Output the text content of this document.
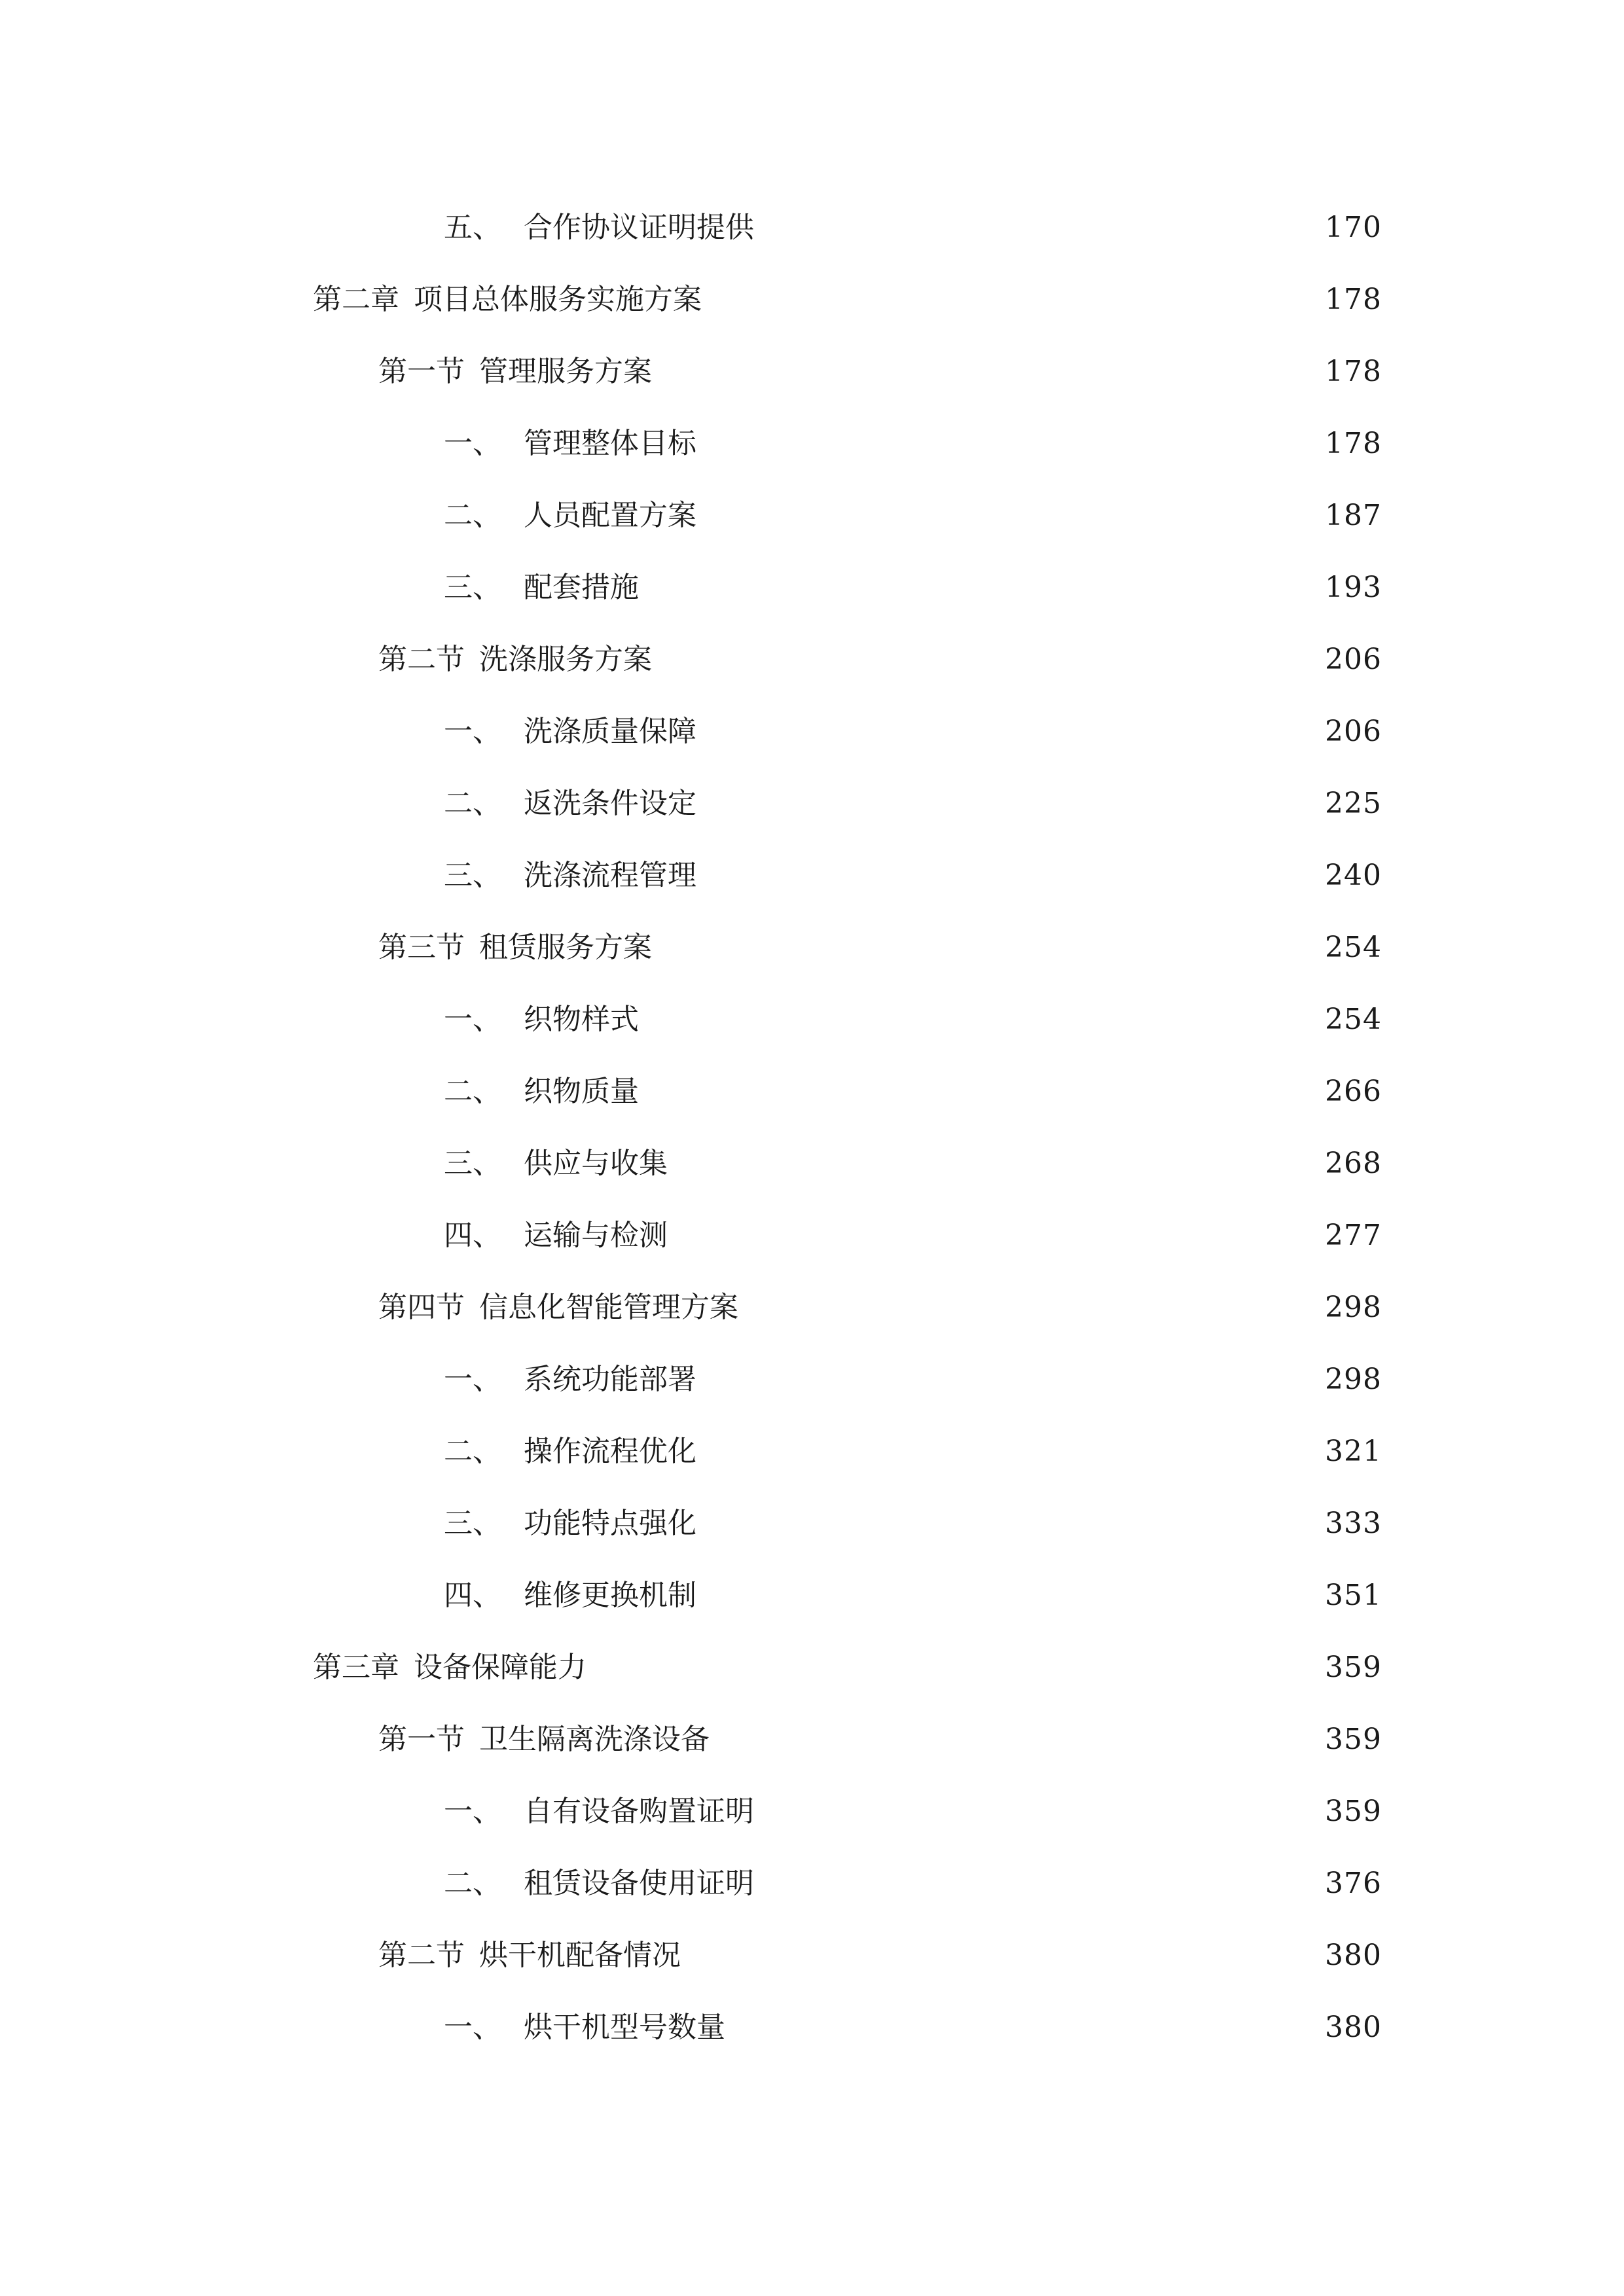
五、 合作协议证明提供	170
第二章 项目总体服务实施方案	178
第一节 管理服务方案	178
一、 管理整体目标	178
二、 人员配置方案	187
三、 配套措施	193
第二节 洗涤服务方案	206
一、 洗涤质量保障	206
二、 返洗条件设定	225
三、 洗涤流程管理	240
第三节 租赁服务方案	254
一、 织物样式	254
二、 织物质量	266
三、 供应与收集	268
四、 运输与检测	277
第四节 信息化智能管理方案	298
一、 系统功能部署	298
二、 操作流程优化	321
三、 功能特点强化	333
四、 维修更换机制	351
第三章 设备保障能力	359
第一节 卫生隔离洗涤设备	359
一、 自有设备购置证明	359
二、 租赁设备使用证明	376
第二节 烘干机配备情况	380
一、 烘干机型号数量	380
